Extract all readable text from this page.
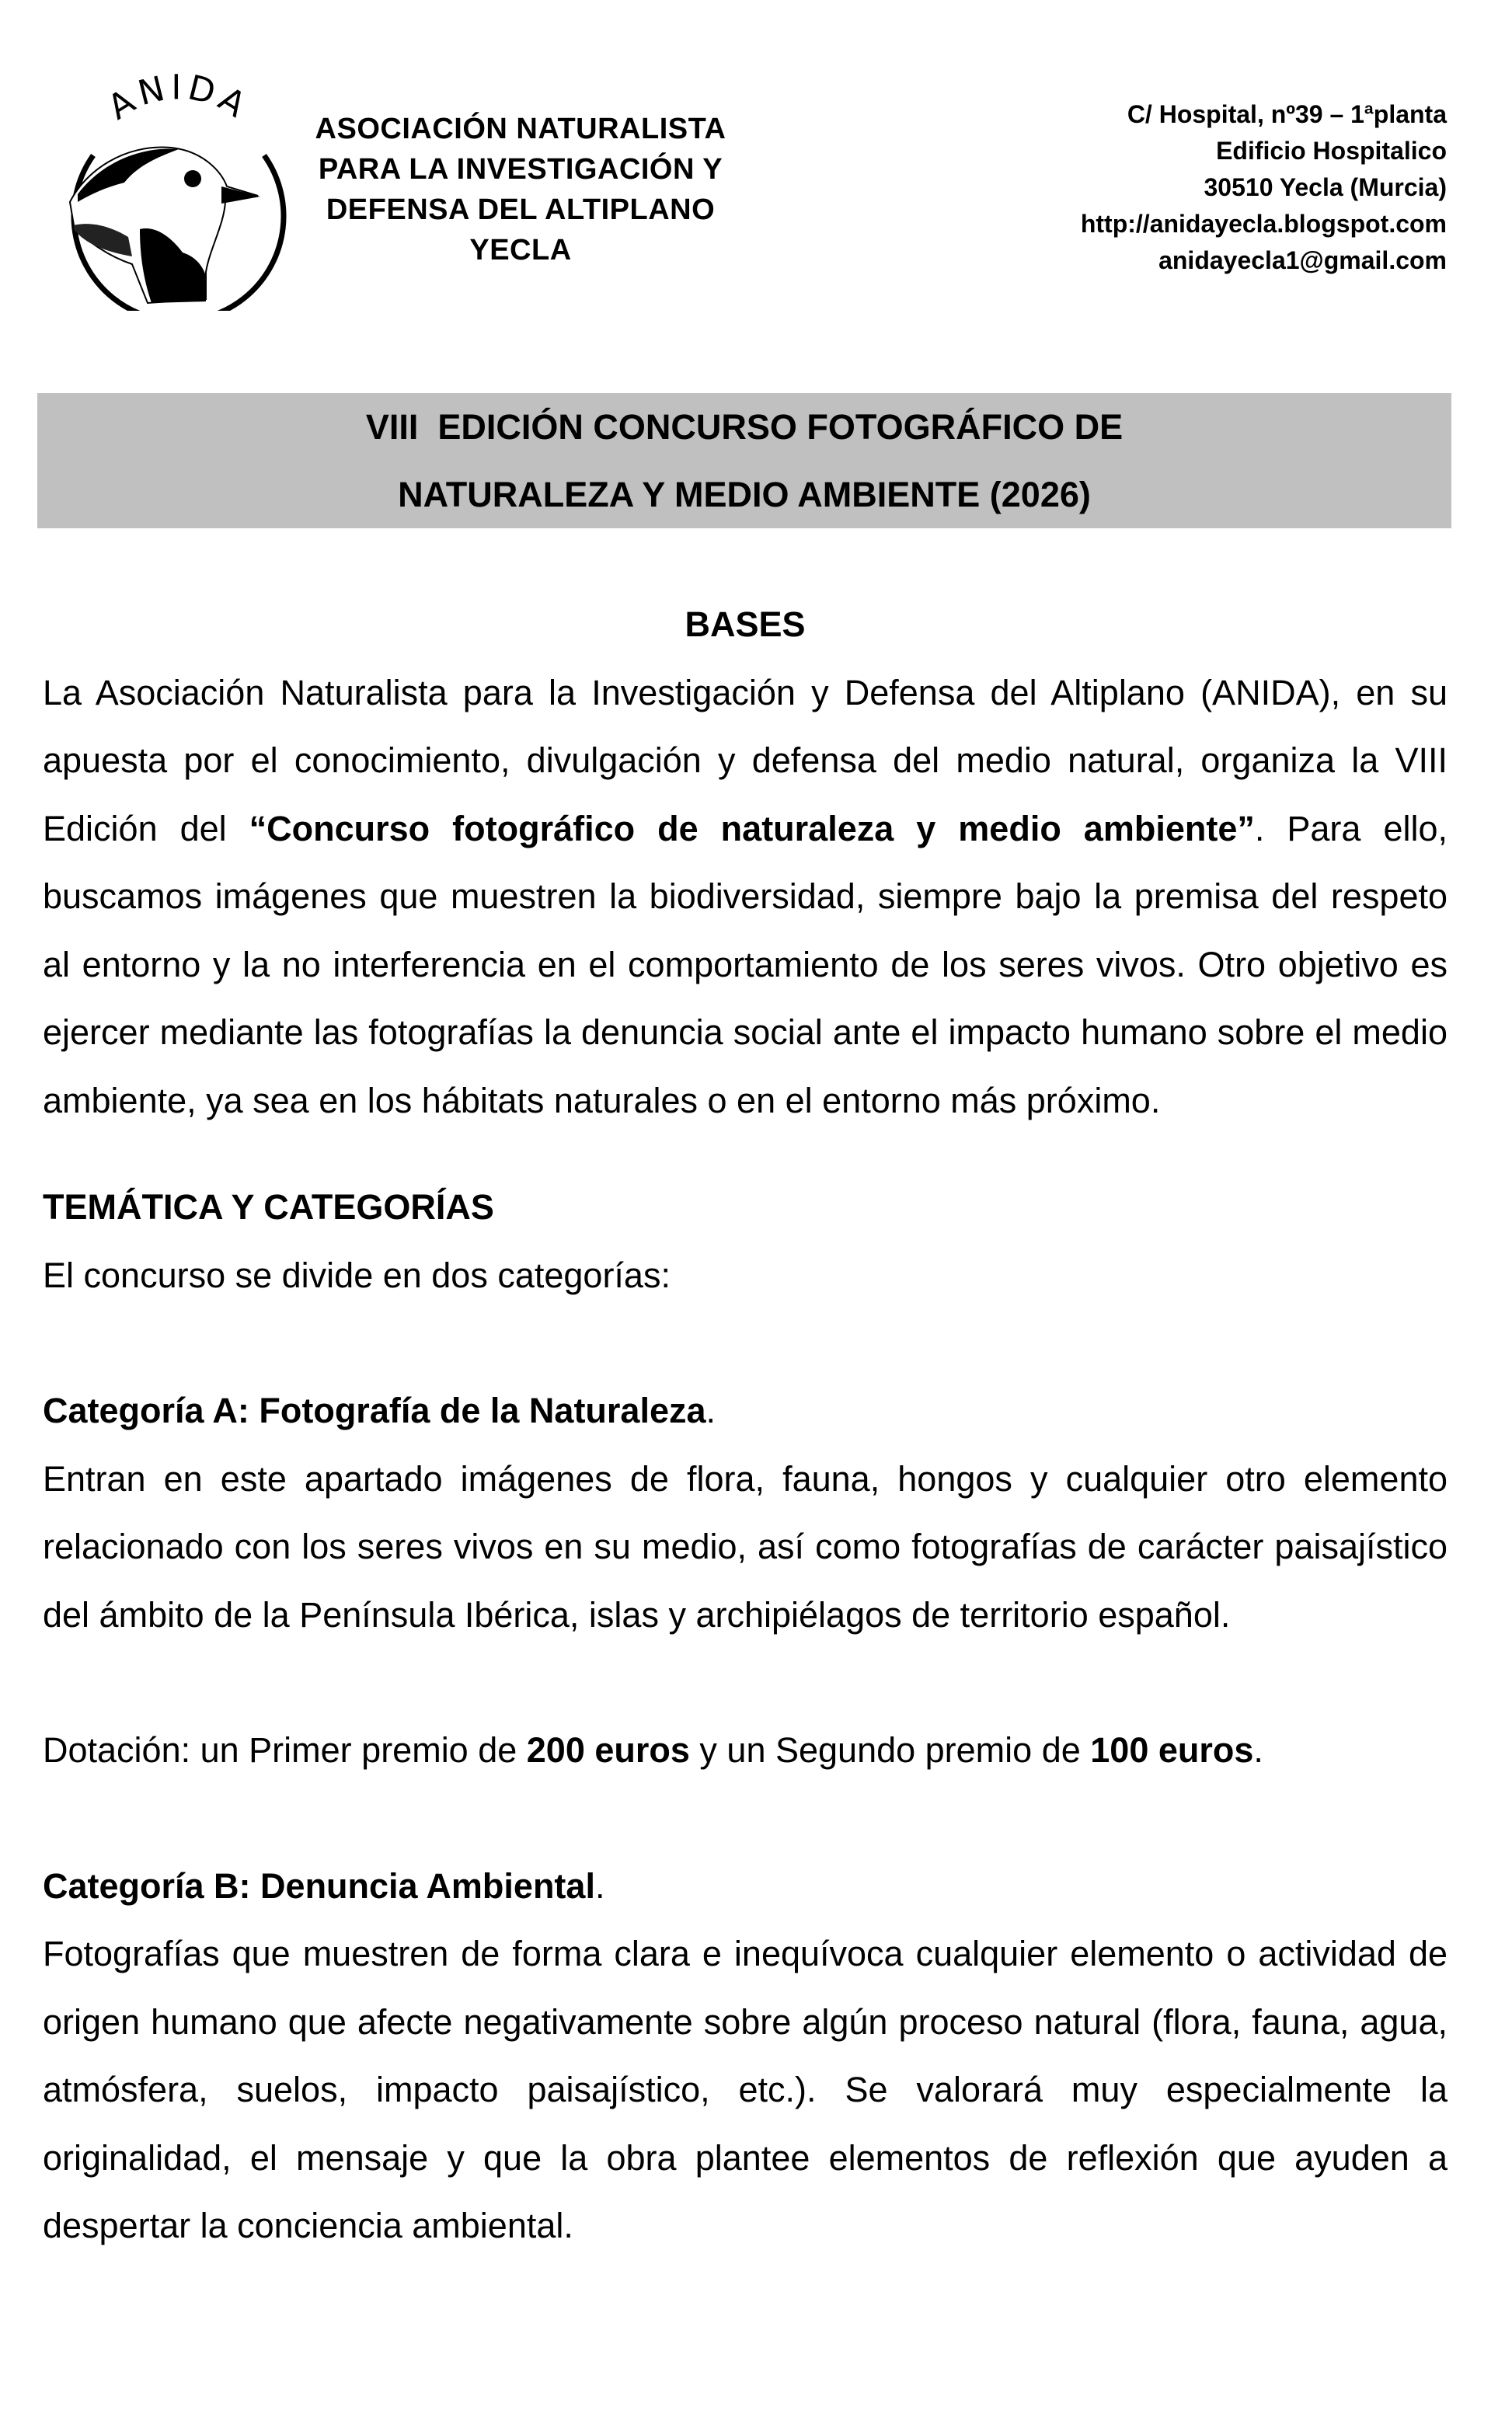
ANIDA
ASOCIACIÓN NATURALISTA
PARA LA INVESTIGACIÓN Y
DEFENSA DEL ALTIPLANO
YECLA
C/ Hospital, nº39 – 1ªplanta
Edificio Hospitalico
30510 Yecla (Murcia)
http://anidayecla.blogspot.com
anidayecla1@gmail.com
VIII  EDICIÓN CONCURSO FOTOGRÁFICO DE
NATURALEZA Y MEDIO AMBIENTE (2026)

BASES

La Asociación Naturalista para la Investigación y Defensa del Altiplano (ANIDA), en su apuesta por el conocimiento, divulgación y defensa del medio natural, organiza la VIII Edición del “Concurso fotográfico de naturaleza y medio ambiente”. Para ello, buscamos imágenes que muestren la biodiversidad, siempre bajo la premisa del respeto al entorno y la no interferencia en el comportamiento de los seres vivos. Otro objetivo es ejercer mediante las fotografías la denuncia social ante el impacto humano sobre el medio ambiente, ya sea en los hábitats naturales o en el entorno más próximo.

TEMÁTICA Y CATEGORÍAS

El concurso se divide en dos categorías:

Categoría A: Fotografía de la Naturaleza.

Entran en este apartado imágenes de flora, fauna, hongos y cualquier otro elemento relacionado con los seres vivos en su medio, así como fotografías de carácter paisajístico del ámbito de la Península Ibérica, islas y archipiélagos de territorio español.

Dotación: un Primer premio de 200 euros y un Segundo premio de 100 euros.

Categoría B: Denuncia Ambiental.

Fotografías que muestren de forma clara e inequívoca cualquier elemento o actividad de origen humano que afecte negativamente sobre algún proceso natural (flora, fauna, agua, atmósfera, suelos, impacto paisajístico, etc.). Se valorará muy especialmente la originalidad, el mensaje y que la obra plantee elementos de reflexión que ayuden a despertar la conciencia ambiental.
